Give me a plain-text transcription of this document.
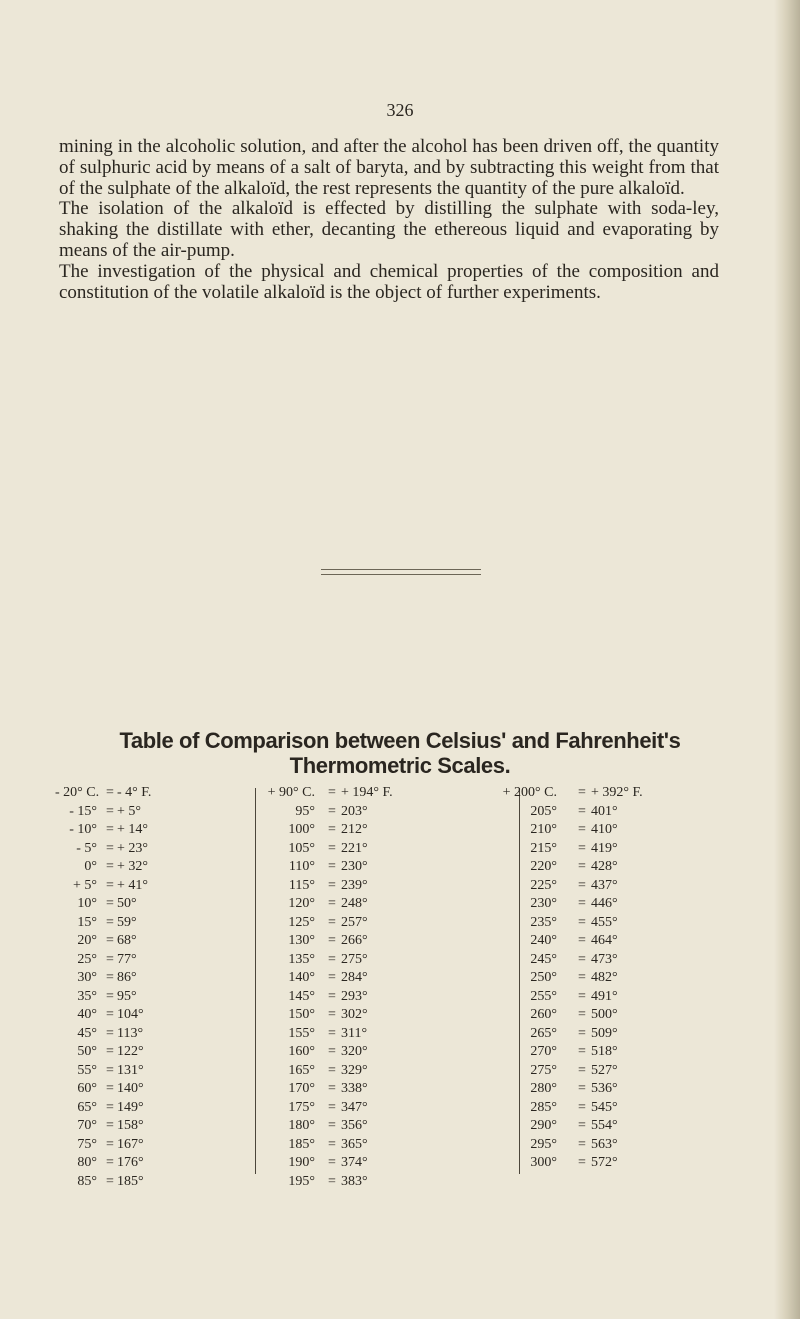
326

mining in the alcoholic solution, and after the alcohol has been driven off, the quantity of sulphuric acid by means of a salt of baryta, and by subtracting this weight from that of the sulphate of the alkaloïd, the rest represents the quantity of the pure alkaloïd.

The isolation of the alkaloïd is effected by distilling the sulphate with soda-ley, shaking the distillate with ether, decanting the ethereous liquid and evaporating by means of the air-pump.

The investigation of the physical and chemical properties of the composition and constitution of the volatile alkaloïd is the object of further experiments.

Table of Comparison between Celsius' and Fahrenheit's
Thermometric Scales.
- 20° C. = - 4° F.
- 15° = + 5°
- 10° = + 14°
- 5° = + 23°
0° = + 32°
+ 5° = + 41°
10° = 50°
15° = 59°
20° = 68°
25° = 77°
30° = 86°
35° = 95°
40° = 104°
45° = 113°
50° = 122°
55° = 131°
60° = 140°
65° = 149°
70° = 158°
75° = 167°
80° = 176°
85° = 185°
+ 90° C. = + 194° F.
95° = 203°
100° = 212°
105° = 221°
110° = 230°
115° = 239°
120° = 248°
125° = 257°
130° = 266°
135° = 275°
140° = 284°
145° = 293°
150° = 302°
155° = 311°
160° = 320°
165° = 329°
170° = 338°
175° = 347°
180° = 356°
185° = 365°
190° = 374°
195° = 383°
+ 200° C. = + 392° F.
205° = 401°
210° = 410°
215° = 419°
220° = 428°
225° = 437°
230° = 446°
235° = 455°
240° = 464°
245° = 473°
250° = 482°
255° = 491°
260° = 500°
265° = 509°
270° = 518°
275° = 527°
280° = 536°
285° = 545°
290° = 554°
295° = 563°
300° = 572°
